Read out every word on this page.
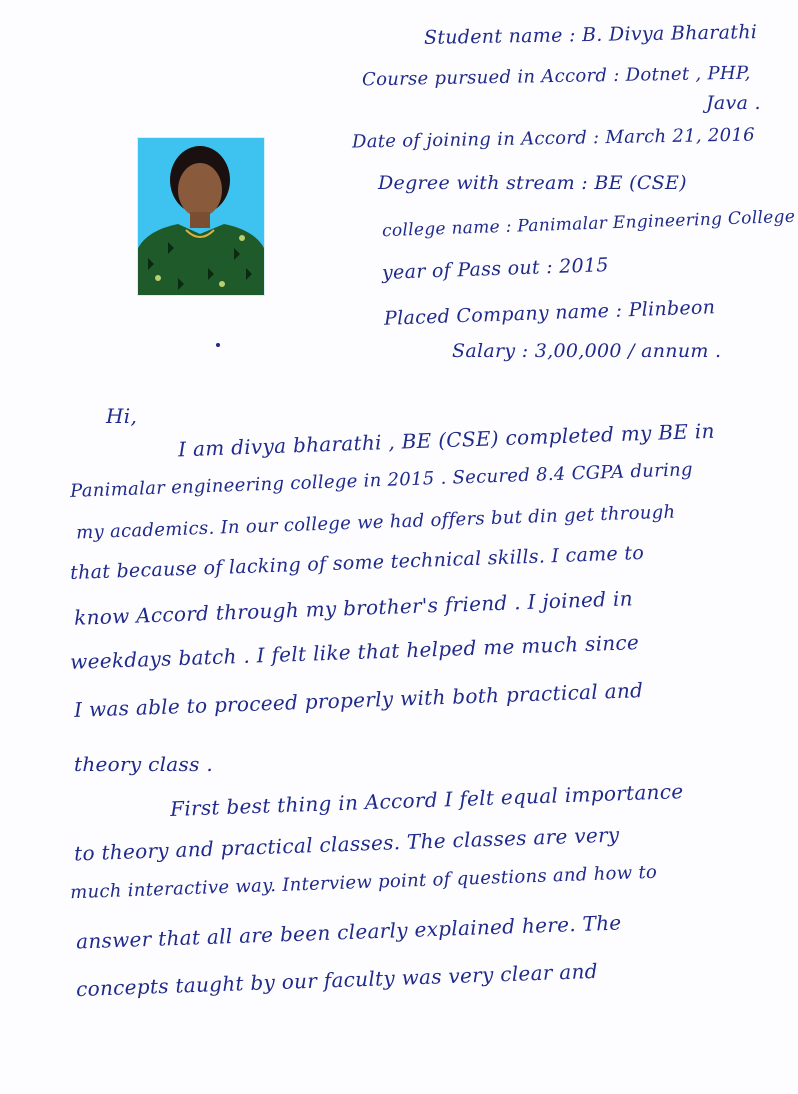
Student name : B. Divya Bharathi
Course pursued in Accord : Dotnet , PHP,
Java .
Date of joining in Accord : March 21, 2016
Degree with stream : BE (CSE)
college name : Panimalar Engineering College
year of Pass out : 2015
Placed Company name : Plinbeon
Salary : 3,00,000 / annum .
Hi,
I am divya bharathi , BE (CSE) completed my BE in
Panimalar engineering college in 2015 . Secured 8.4 CGPA during
my academics. In our college we had offers but din get through
that because of lacking of some technical skills. I came to
know Accord through my brother's friend . I joined in
weekdays batch . I felt like that helped me much since
I was able to proceed properly with both practical and
theory class .
First best thing in Accord I felt equal importance
to theory and practical classes. The classes are very
much interactive way. Interview point of questions and how to
answer that all are been clearly explained here. The
concepts taught by our faculty was very clear and
